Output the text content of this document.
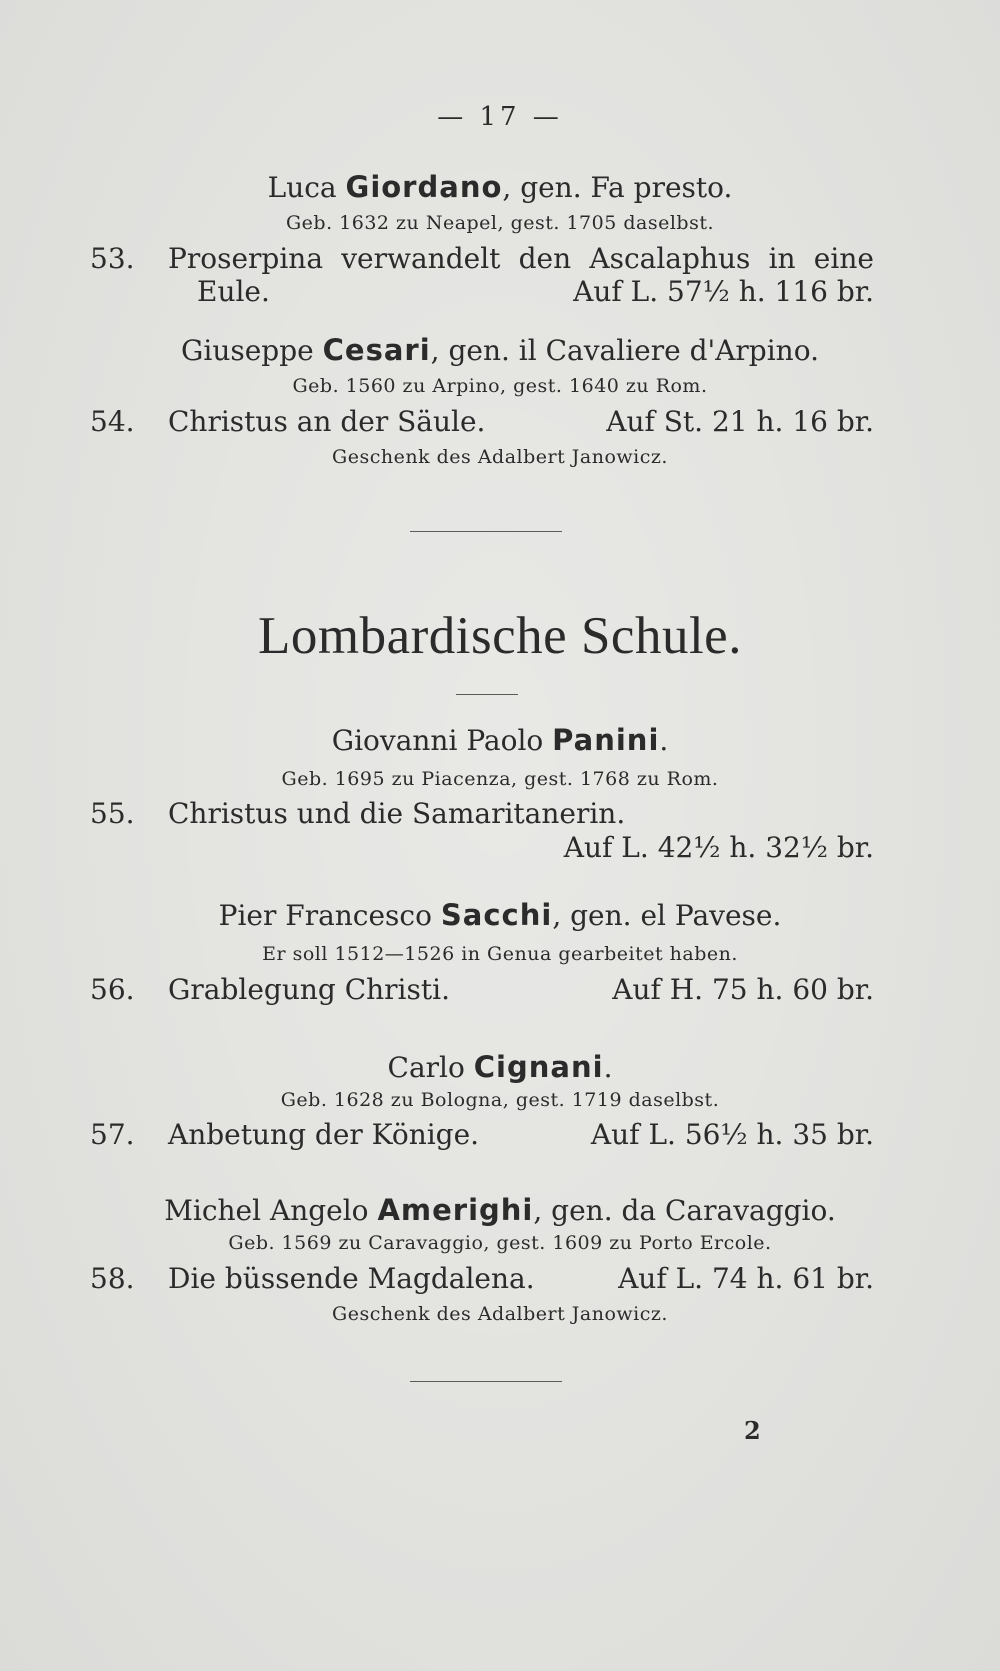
— 17 —
Luca Giordano, gen. Fa presto.
Geb. 1632 zu Neapel, gest. 1705 daselbst.
53. Proserpina verwandelt den Ascalaphus in eine
Eule.	Auf L. 57½ h. 116 br.
Giuseppe Cesari, gen. il Cavaliere d'Arpino.
Geb. 1560 zu Arpino, gest. 1640 zu Rom.
54. Christus an der Säule.	Auf St. 21 h. 16 br.
Geschenk des Adalbert Janowicz.
Lombardische Schule.
Giovanni Paolo Panini.
Geb. 1695 zu Piacenza, gest. 1768 zu Rom.
55. Christus und die Samaritanerin.
Auf L. 42½ h. 32½ br.
Pier Francesco Sacchi, gen. el Pavese.
Er soll 1512—1526 in Genua gearbeitet haben.
56. Grablegung Christi.	Auf H. 75 h. 60 br.
Carlo Cignani.
Geb. 1628 zu Bologna, gest. 1719 daselbst.
57. Anbetung der Könige.	Auf L. 56½ h. 35 br.
Michel Angelo Amerighi, gen. da Caravaggio.
Geb. 1569 zu Caravaggio, gest. 1609 zu Porto Ercole.
58. Die büssende Magdalena.	Auf L. 74 h. 61 br.
Geschenk des Adalbert Janowicz.
2
